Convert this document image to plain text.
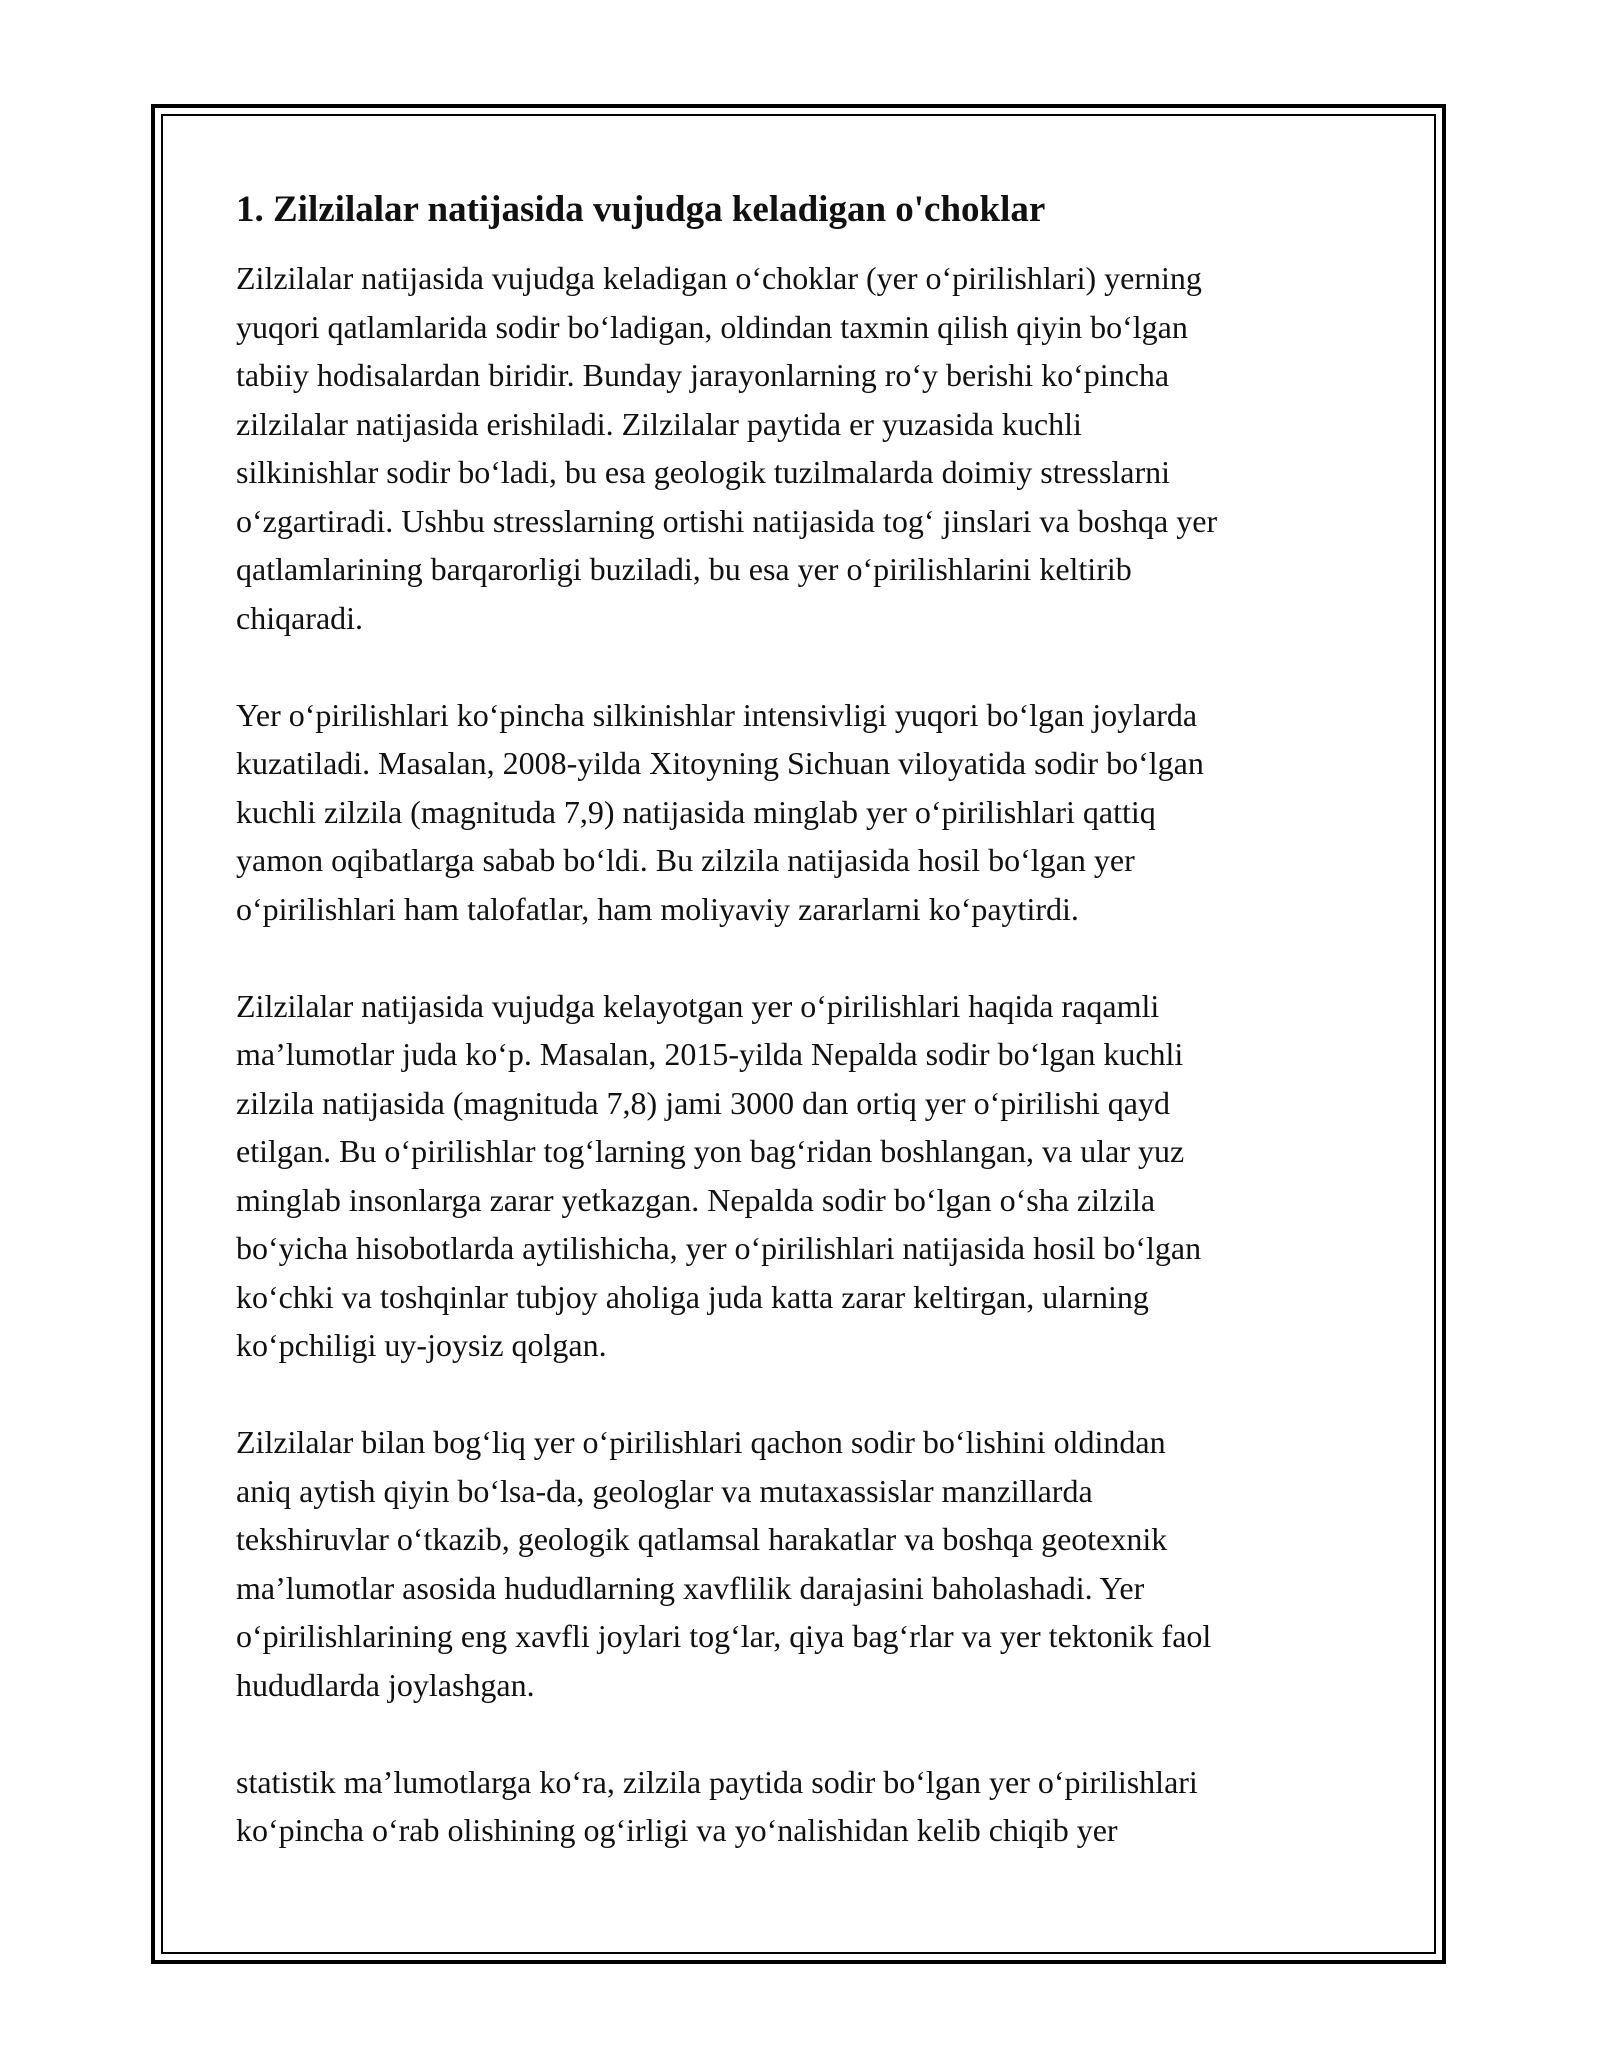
1. Zilzilalar natijasida vujudga keladigan o'choklar

Zilzilalar natijasida vujudga keladigan o‘choklar (yer o‘pirilishlari) yerning
yuqori qatlamlarida sodir bo‘ladigan, oldindan taxmin qilish qiyin bo‘lgan
tabiiy hodisalardan biridir. Bunday jarayonlarning ro‘y berishi ko‘pincha
zilzilalar natijasida erishiladi. Zilzilalar paytida er yuzasida kuchli
silkinishlar sodir bo‘ladi, bu esa geologik tuzilmalarda doimiy stresslarni
o‘zgartiradi. Ushbu stresslarning ortishi natijasida tog‘ jinslari va boshqa yer
qatlamlarining barqarorligi buziladi, bu esa yer o‘pirilishlarini keltirib
chiqaradi.

Yer o‘pirilishlari ko‘pincha silkinishlar intensivligi yuqori bo‘lgan joylarda
kuzatiladi. Masalan, 2008-yilda Xitoyning Sichuan viloyatida sodir bo‘lgan
kuchli zilzila (magnituda 7,9) natijasida minglab yer o‘pirilishlari qattiq
yamon oqibatlarga sabab bo‘ldi. Bu zilzila natijasida hosil bo‘lgan yer
o‘pirilishlari ham talofatlar, ham moliyaviy zararlarni ko‘paytirdi.

Zilzilalar natijasida vujudga kelayotgan yer o‘pirilishlari haqida raqamli
ma’lumotlar juda ko‘p. Masalan, 2015-yilda Nepalda sodir bo‘lgan kuchli
zilzila natijasida (magnituda 7,8) jami 3000 dan ortiq yer o‘pirilishi qayd
etilgan. Bu o‘pirilishlar tog‘larning yon bag‘ridan boshlangan, va ular yuz
minglab insonlarga zarar yetkazgan. Nepalda sodir bo‘lgan o‘sha zilzila
bo‘yicha hisobotlarda aytilishicha, yer o‘pirilishlari natijasida hosil bo‘lgan
ko‘chki va toshqinlar tubjoy aholiga juda katta zarar keltirgan, ularning
ko‘pchiligi uy-joysiz qolgan.

Zilzilalar bilan bog‘liq yer o‘pirilishlari qachon sodir bo‘lishini oldindan
aniq aytish qiyin bo‘lsa-da, geologlar va mutaxassislar manzillarda
tekshiruvlar o‘tkazib, geologik qatlamsal harakatlar va boshqa geotexnik
ma’lumotlar asosida hududlarning xavflilik darajasini baholashadi. Yer
o‘pirilishlarining eng xavfli joylari tog‘lar, qiya bag‘rlar va yer tektonik faol
hududlarda joylashgan.

statistik ma’lumotlarga ko‘ra, zilzila paytida sodir bo‘lgan yer o‘pirilishlari
ko‘pincha o‘rab olishining og‘irligi va yo‘nalishidan kelib chiqib yer
